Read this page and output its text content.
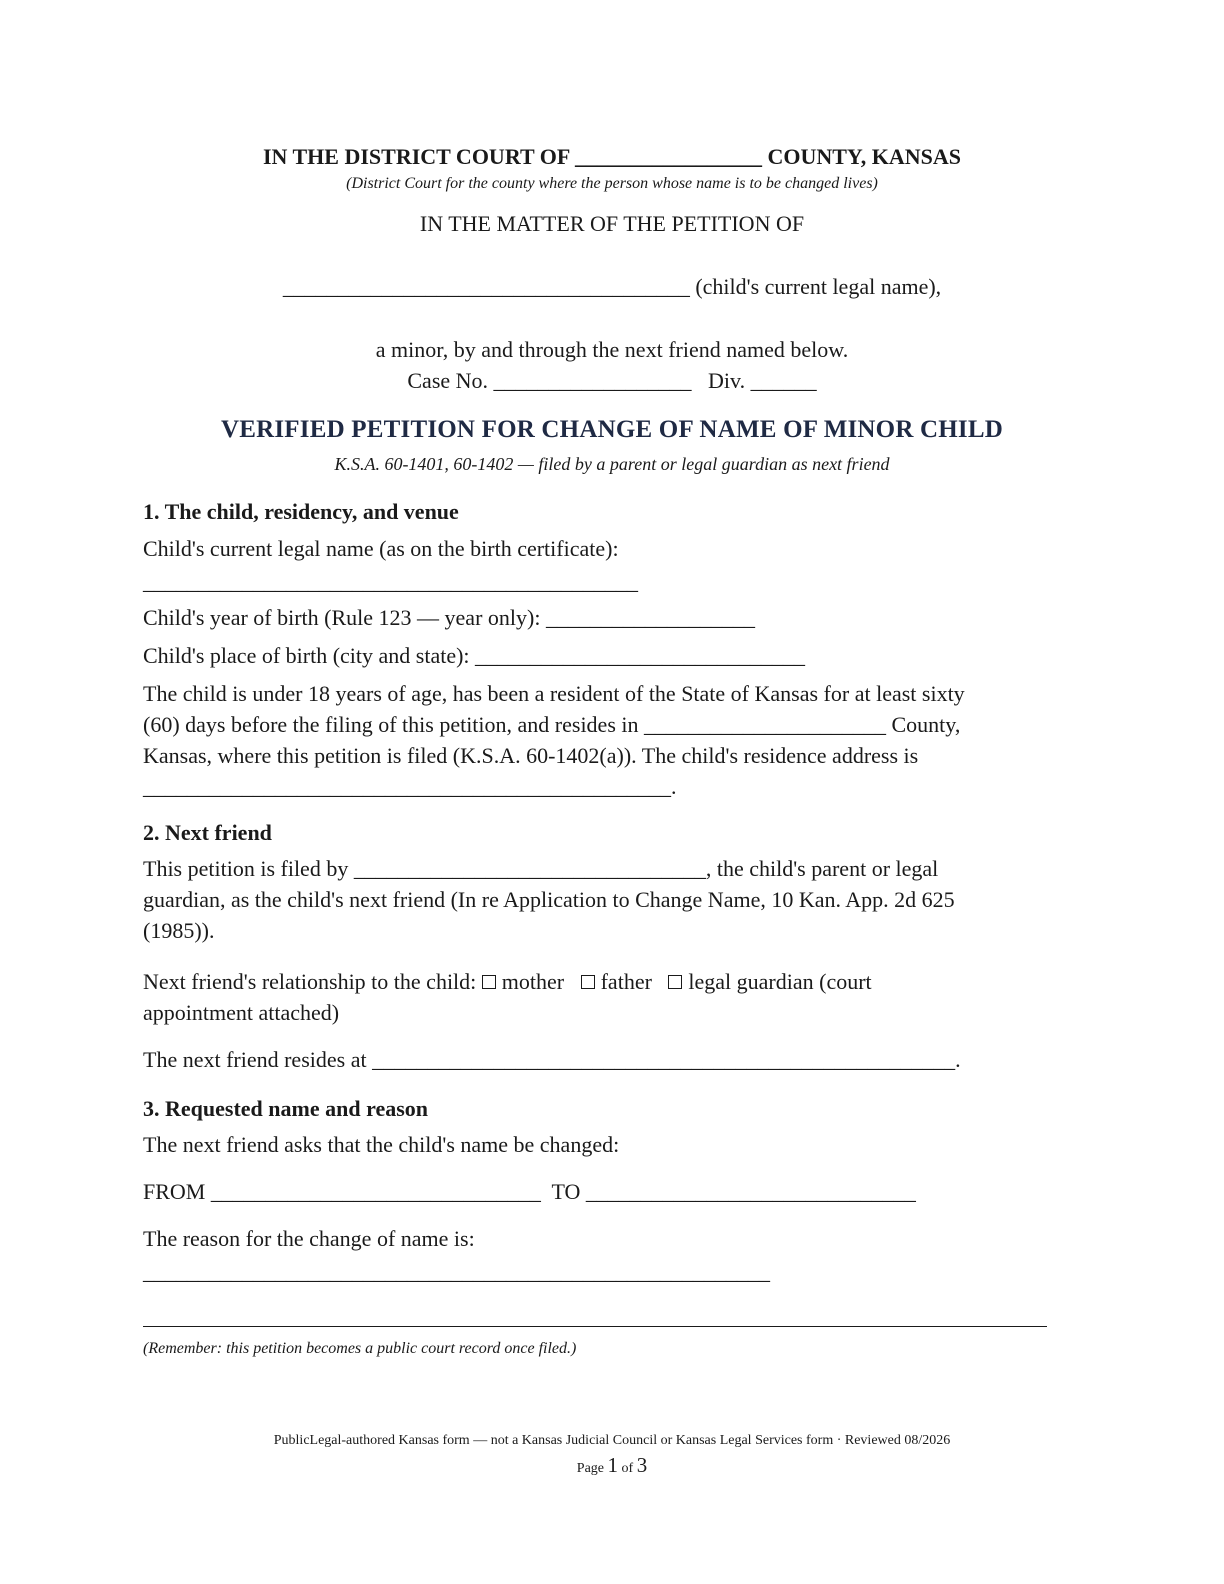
IN THE DISTRICT COURT OF _________________ COUNTY, KANSAS
(District Court for the county where the person whose name is to be changed lives)
IN THE MATTER OF THE PETITION OF
_____________________________________ (child's current legal name),
a minor, by and through the next friend named below.
Case No. __________________   Div. ______
VERIFIED PETITION FOR CHANGE OF NAME OF MINOR CHILD
K.S.A. 60-1401, 60-1402 — filed by a parent or legal guardian as next friend
1. The child, residency, and venue
Child's current legal name (as on the birth certificate):
_____________________________________________
Child's year of birth (Rule 123 — year only): ___________________
Child's place of birth (city and state): ______________________________
The child is under 18 years of age, has been a resident of the State of Kansas for at least sixty
(60) days before the filing of this petition, and resides in ______________________ County,
Kansas, where this petition is filed (K.S.A. 60-1402(a)). The child's residence address is
________________________________________________.
2. Next friend
This petition is filed by ________________________________, the child's parent or legal
guardian, as the child's next friend (In re Application to Change Name, 10 Kan. App. 2d 625
(1985)).
Next friend's relationship to the child: mother father legal guardian (court
appointment attached)
The next friend resides at _____________________________________________________.
3. Requested name and reason
The next friend asks that the child's name be changed:
FROM ______________________________  TO ______________________________
The reason for the change of name is:
_________________________________________________________
(Remember: this petition becomes a public court record once filed.)
PublicLegal-authored Kansas form — not a Kansas Judicial Council or Kansas Legal Services form · Reviewed 08/2026
Page 1 of 3
